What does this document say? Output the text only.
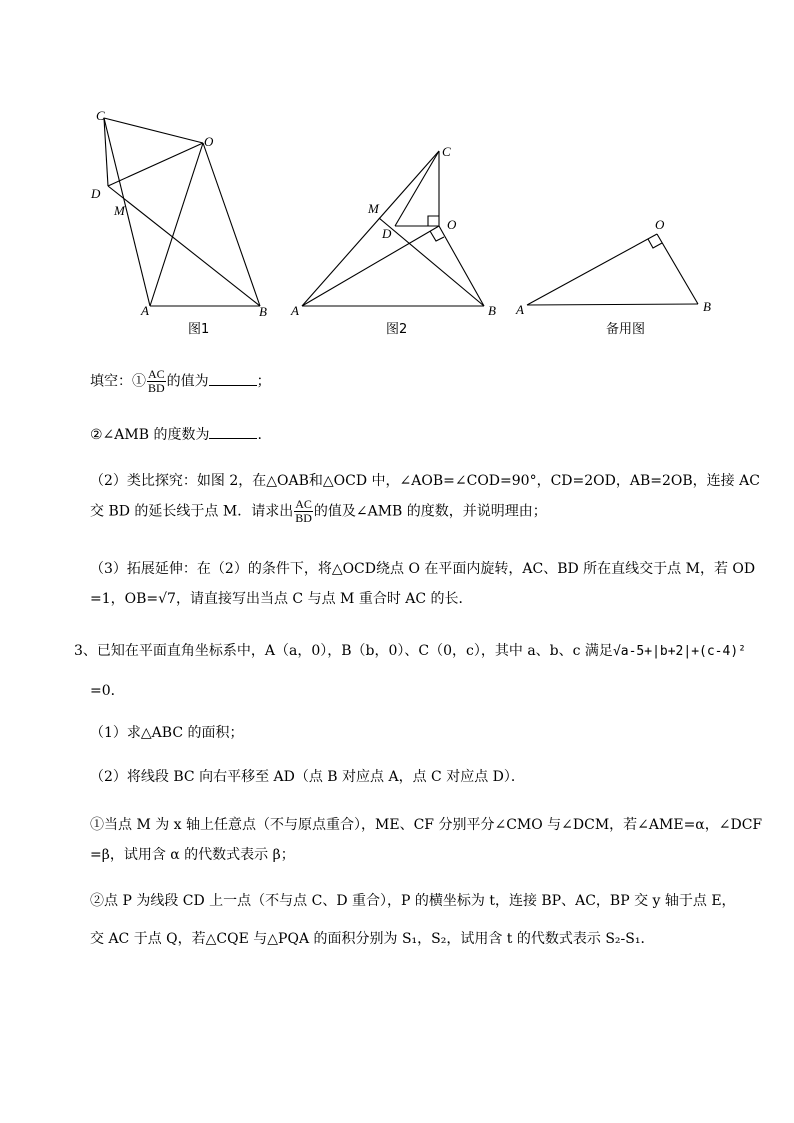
C
O
D
M
A	B
图1
C
M
D
O
A	B
图2
O
A	B
备用图
填空：① $\frac{AC}{BD}$ 的值为	；
②∠AMB 的度数为	.
（2）类比探究：如图 2，在△OAB和△OCD 中，∠AOB=∠COD=90°，CD=2OD，AB=2OB，连接 AC
交 BD 的延长线于点 M．请求出 $\frac{AC}{BD}$ 的值及∠AMB 的度数，并说明理由；
（3）拓展延伸：在（2）的条件下，将△OCD绕点 O 在平面内旋转，AC、BD 所在直线交于点 M，若 OD
=1，OB=√7，请直接写出当点 C 与点 M 重合时 AC 的长．
3、已知在平面直角坐标系中，A（a，0），B（b，0）、C（0，c），其中 a、b、c 满足√a-5+|b+2|+(c-4)²
=0．
（1）求△ABC 的面积；
（2）将线段 BC 向右平移至 AD（点 B 对应点 A，点 C 对应点 D）．
①当点 M 为 x 轴上任意点（不与原点重合），ME、CF 分别平分∠CMO 与∠DCM，若∠AME=α，∠DCF
=β，试用含 α 的代数式表示 β；
②点 P 为线段 CD 上一点（不与点 C、D 重合），P 的横坐标为 t，连接 BP、AC，BP 交 y 轴于点 E，
交 AC 于点 Q，若△CQE 与△PQA 的面积分别为 S₁，S₂，试用含 t 的代数式表示 S₂-S₁．
